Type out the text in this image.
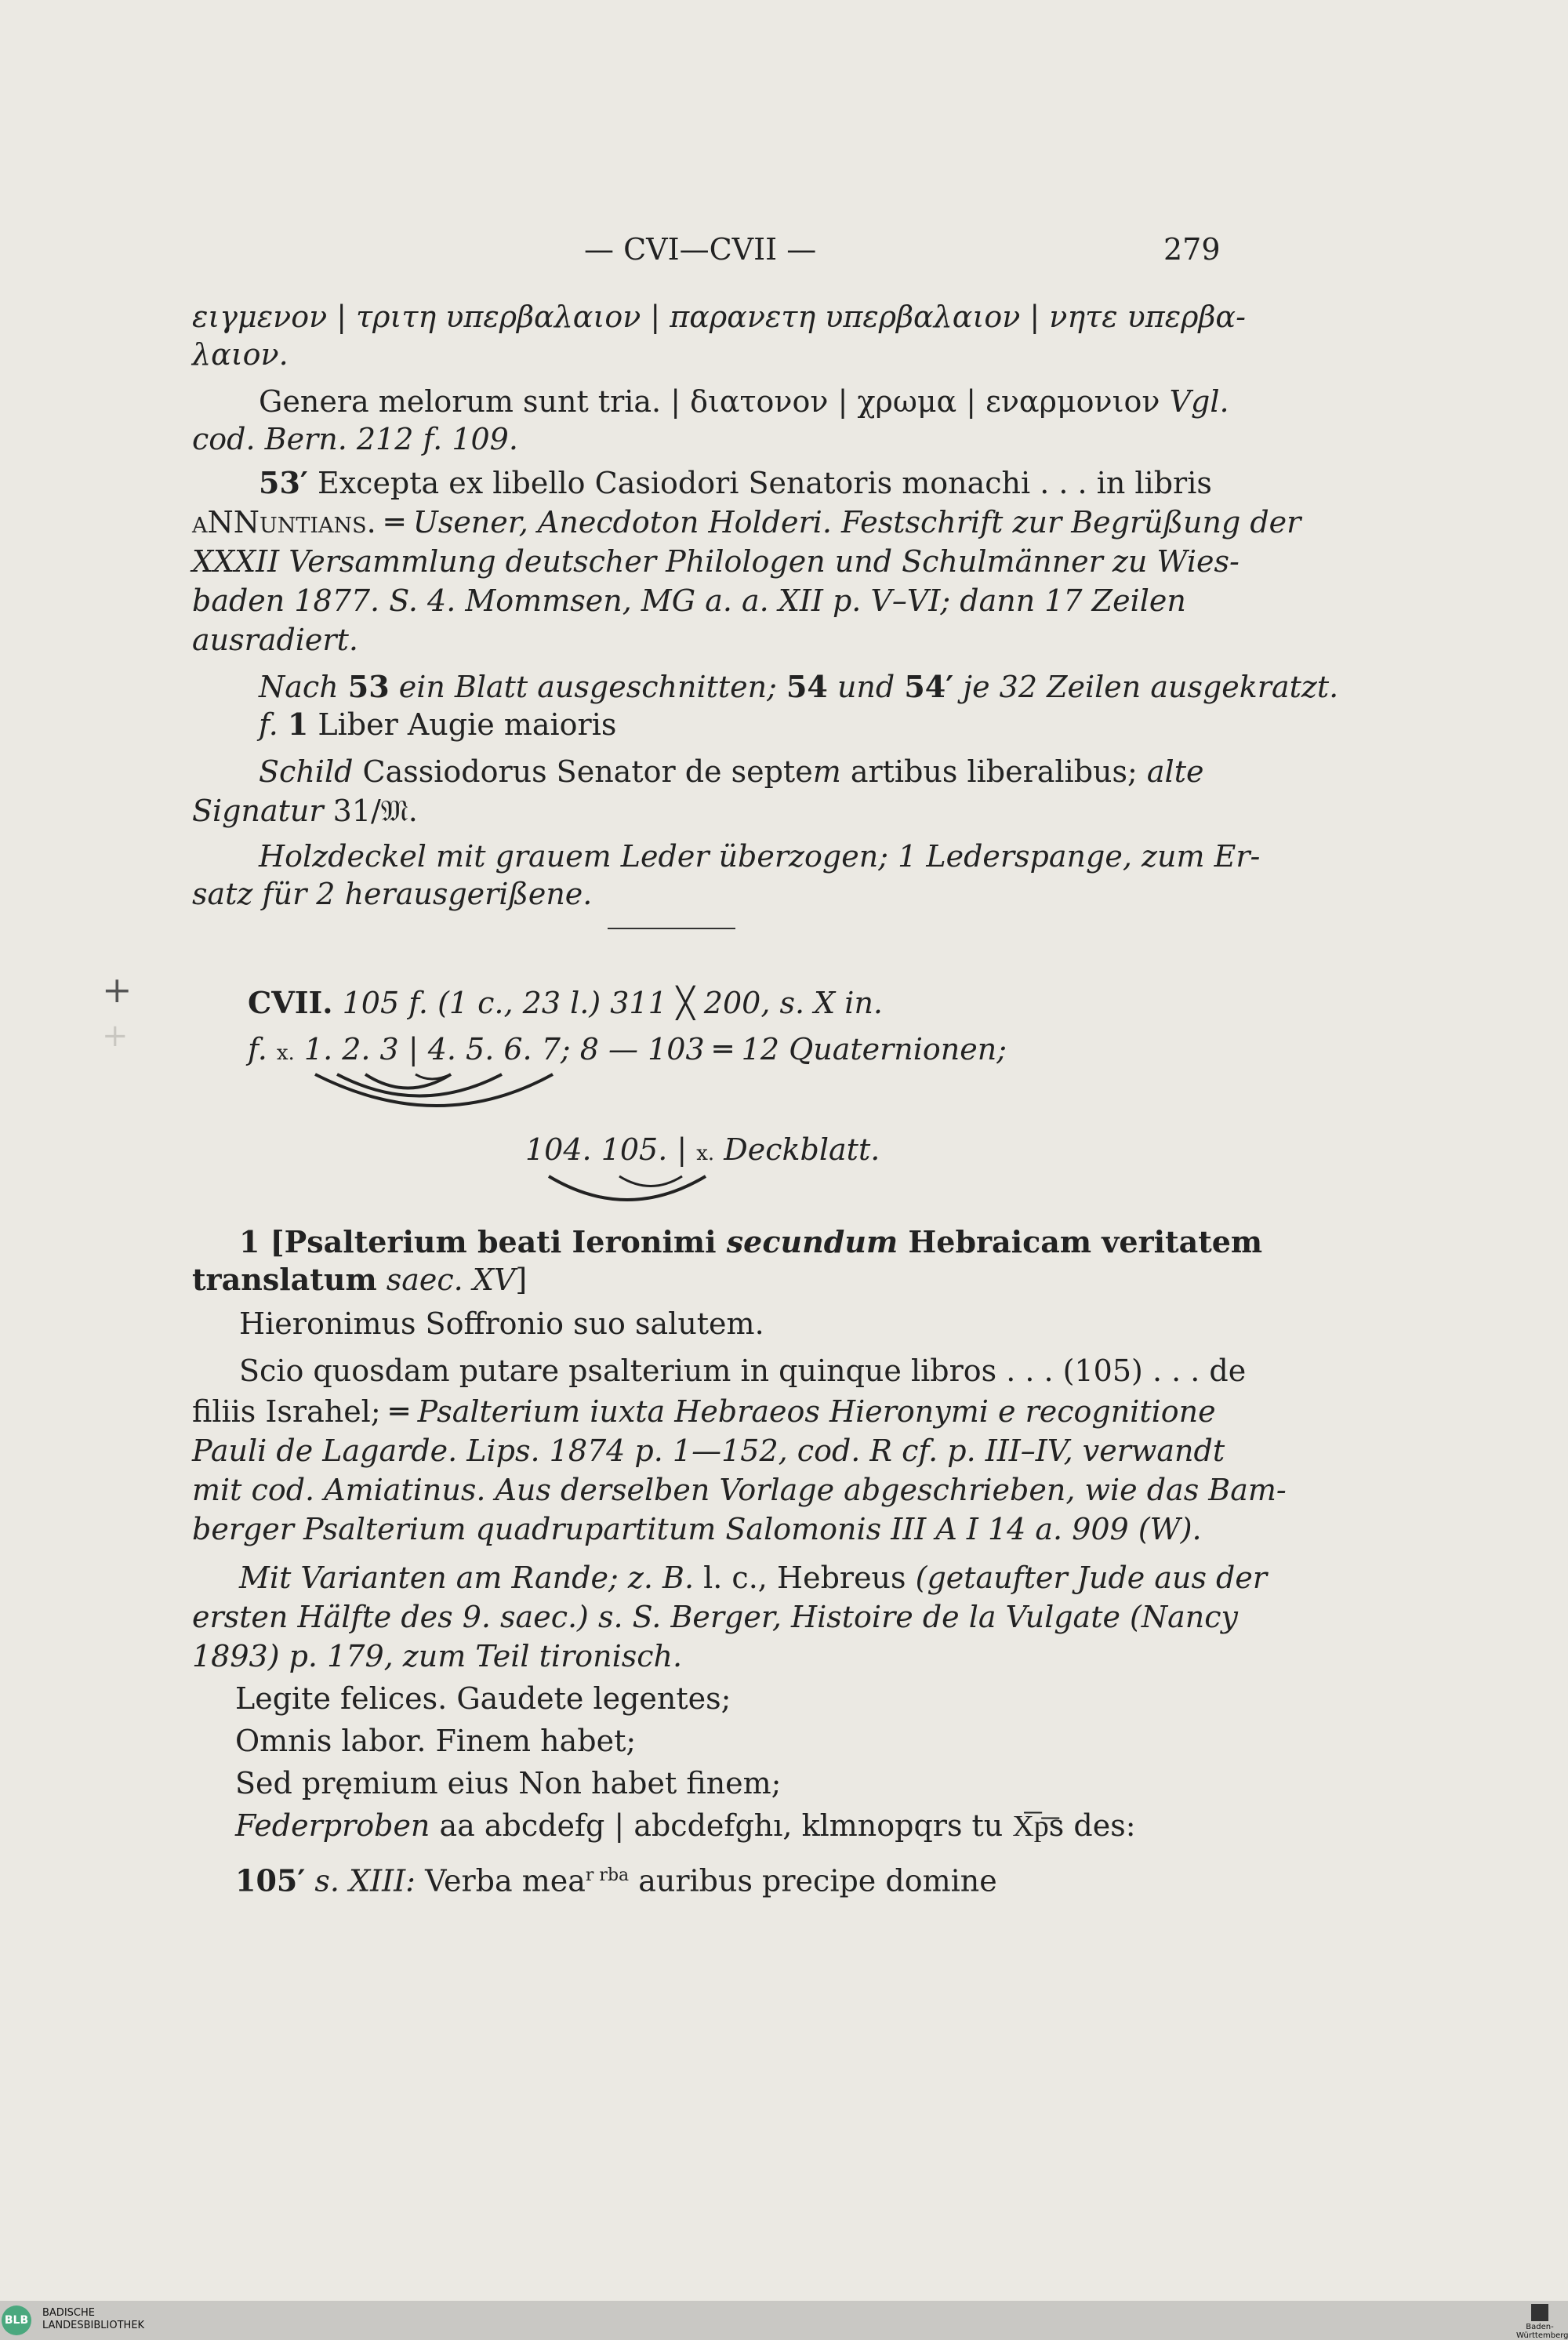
— CVI—CVII —	279
ειγμενον | τριτη υπερβαλαιον | παρανετη υπερβαλαιον | νητε υπερβα-
λαιον.
Genera melorum sunt tria. | διατονον | χρωμα | εναρμονιον Vgl.
cod. Bern. 212 f. 109.
53′ Excepta ex libello Casiodori Senatoris monachi . . . in libris
aNNuntians. ═ Usener, Anecdoton Holderi. Festschrift zur Begrüßung der
XXXII Versammlung deutscher Philologen und Schulmänner zu Wies-
baden 1877. S. 4. Mommsen, MG a. a. XII p. V–VI; dann 17 Zeilen
ausradiert.
Nach 53 ein Blatt ausgeschnitten; 54 und 54′ je 32 Zeilen ausgekratzt.
f. 1 Liber Augie maioris
Schild Cassiodorus Senator de septem artibus liberalibus; alte
Signatur 31/𝔐.
Holzdeckel mit grauem Leder überzogen; 1 Lederspange, zum Er-
satz für 2 herausgerißene.
+
+
CVII. 105 f. (1 c., 23 l.) 311 ╳ 200, s. X in.
f. x. 1. 2. 3 | 4. 5. 6. 7; 8 — 103 ═ 12 Quaternionen;
104. 105. | x. Deckblatt.
1 [Psalterium beati Ieronimi secundum Hebraicam veritatem
translatum saec. XV]
Hieronimus Soffronio suo salutem.
Scio quosdam putare psalterium in quinque libros . . . (105) . . . de
filiis Israhel; ═ Psalterium iuxta Hebraeos Hieronymi e recognitione
Pauli de Lagarde. Lips. 1874 p. 1—152, cod. R cf. p. III–IV, verwandt
mit cod. Amiatinus. Aus derselben Vorlage abgeschrieben, wie das Bam-
berger Psalterium quadrupartitum Salomonis III A I 14 a. 909 (W).
Mit Varianten am Rande; z. B. l. c., Hebreus (getaufter Jude aus der
ersten Hälfte des 9. saec.) s. S. Berger, Histoire de la Vulgate (Nancy
1893) p. 179, zum Teil tironisch.
Legite felices. Gaudete legentes;
Omnis labor. Finem habet;
Sed pręmium eius Non habet finem;
Federproben aa abcdefg | abcdefghı, klmnopqrs tu X͞p͞s des:
105′ s. XIII: Verba mea$^{r rba}$ auribus precipe domine
BLB
BADISCHE
LANDESBIBLIOTHEK	Baden-Württemberg
